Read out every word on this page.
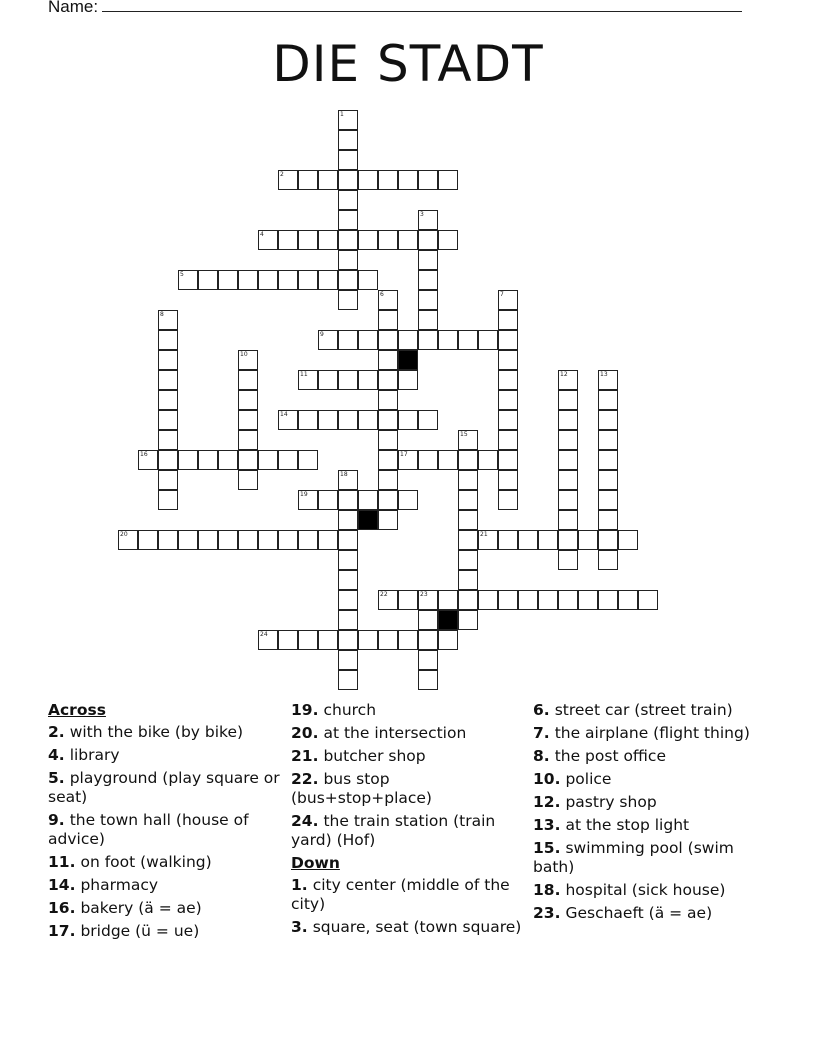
Name:
DIE STADT
1
2
3
4
5
6	7
8
9
10
11	12	13
14
15
16	17
18
19
20	21
22	23
24
Across
2. with the bike (by bike)
4. library
5. playground (play square or seat)
9. the town hall (house of advice)
11. on foot (walking)
14. pharmacy
16. bakery (ä = ae)
17. bridge (ü = ue)
19. church
20. at the intersection
21. butcher shop
22. bus stop (bus+stop+place)
24. the train station (train yard) (Hof)
Down
1. city center (middle of the city)
3. square, seat (town square)
6. street car (street train)
7. the airplane (flight thing)
8. the post office
10. police
12. pastry shop
13. at the stop light
15. swimming pool (swim bath)
18. hospital (sick house)
23. Geschaeft (ä = ae)
